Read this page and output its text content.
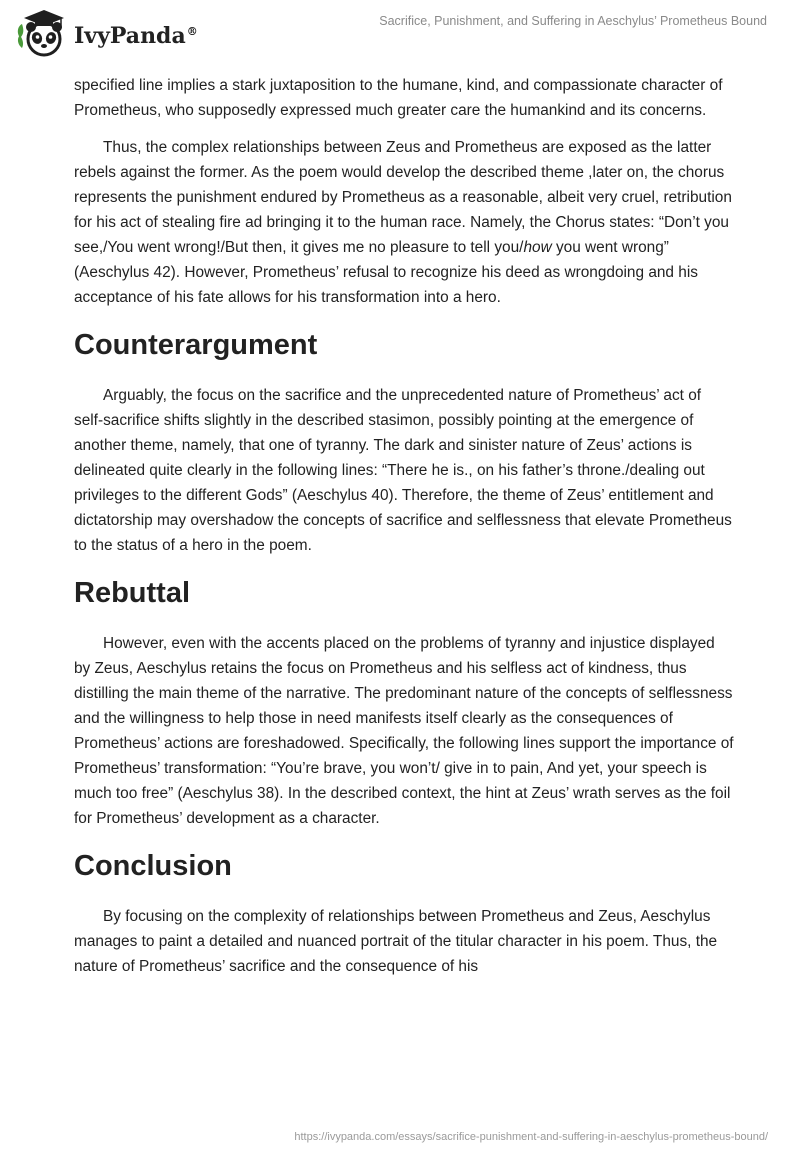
IvyPanda®
Sacrifice, Punishment, and Suffering in Aeschylus’ Prometheus Bound

specified line implies a stark juxtaposition to the humane, kind, and compassionate character of Prometheus, who supposedly expressed much greater care the humankind and its concerns.

Thus, the complex relationships between Zeus and Prometheus are exposed as the latter rebels against the former. As the poem would develop the described theme ,later on, the chorus represents the punishment endured by Prometheus as a reasonable, albeit very cruel, retribution for his act of stealing fire ad bringing it to the human race. Namely, the Chorus states: “Don’t you see,/You went wrong!/But then, it gives me no pleasure to tell you/how you went wrong” (Aeschylus 42). However, Prometheus’ refusal to recognize his deed as wrongdoing and his acceptance of his fate allows for his transformation into a hero.

Counterargument

Arguably, the focus on the sacrifice and the unprecedented nature of Prometheus’ act of self-sacrifice shifts slightly in the described stasimon, possibly pointing at the emergence of another theme, namely, that one of tyranny. The dark and sinister nature of Zeus’ actions is delineated quite clearly in the following lines: “There he is., on his father’s throne./dealing out privileges to the different Gods” (Aeschylus 40). Therefore, the theme of Zeus’ entitlement and dictatorship may overshadow the concepts of sacrifice and selflessness that elevate Prometheus to the status of a hero in the poem.

Rebuttal

However, even with the accents placed on the problems of tyranny and injustice displayed by Zeus, Aeschylus retains the focus on Prometheus and his selfless act of kindness, thus distilling the main theme of the narrative. The predominant nature of the concepts of selflessness and the willingness to help those in need manifests itself clearly as the consequences of Prometheus’ actions are foreshadowed. Specifically, the following lines support the importance of Prometheus’ transformation: “You’re brave, you won’t/ give in to pain, And yet, your speech is much too free” (Aeschylus 38). In the described context, the hint at Zeus’ wrath serves as the foil for Prometheus’ development as a character.

Conclusion

By focusing on the complexity of relationships between Prometheus and Zeus, Aeschylus manages to paint a detailed and nuanced portrait of the titular character in his poem. Thus, the nature of Prometheus’ sacrifice and the consequence of his

https://ivypanda.com/essays/sacrifice-punishment-and-suffering-in-aeschylus-prometheus-bound/
